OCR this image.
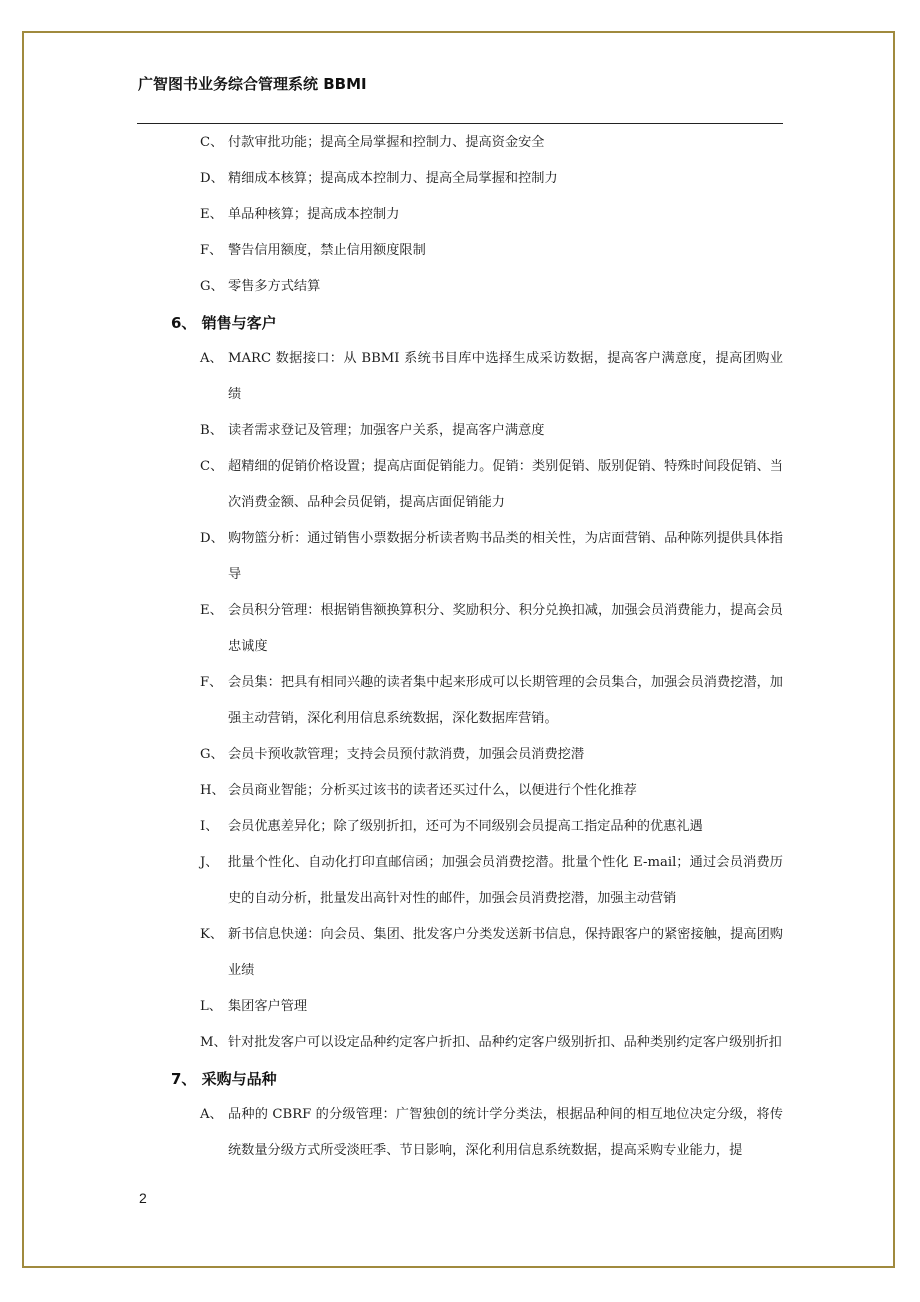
广智图书业务综合管理系统 BBMI
C、 付款审批功能；提高全局掌握和控制力、提高资金安全
D、 精细成本核算；提高成本控制力、提高全局掌握和控制力
E、 单品种核算；提高成本控制力
F、 警告信用额度，禁止信用额度限制
G、 零售多方式结算
6、 销售与客户
A、 MARC 数据接口：从 BBMI 系统书目库中选择生成采访数据，提高客户满意度，提高团购业绩
B、 读者需求登记及管理；加强客户关系，提高客户满意度
C、 超精细的促销价格设置；提高店面促销能力。促销：类别促销、版别促销、特殊时间段促销、当次消费金额、品种会员促销，提高店面促销能力
D、 购物篮分析：通过销售小票数据分析读者购书品类的相关性，为店面营销、品种陈列提供具体指导
E、 会员积分管理：根据销售额换算积分、奖励积分、积分兑换扣减，加强会员消费能力，提高会员忠诚度
F、 会员集：把具有相同兴趣的读者集中起来形成可以长期管理的会员集合，加强会员消费挖潜，加强主动营销，深化利用信息系统数据，深化数据库营销。
G、 会员卡预收款管理；支持会员预付款消费，加强会员消费挖潜
H、 会员商业智能；分析买过该书的读者还买过什么，以便进行个性化推荐
I、 会员优惠差异化；除了级别折扣，还可为不同级别会员提高工指定品种的优惠礼遇
J、 批量个性化、自动化打印直邮信函；加强会员消费挖潜。批量个性化 E-mail；通过会员消费历史的自动分析，批量发出高针对性的邮件，加强会员消费挖潜，加强主动营销
K、 新书信息快递：向会员、集团、批发客户分类发送新书信息，保持跟客户的紧密接触，提高团购业绩
L、 集团客户管理
M、 针对批发客户可以设定品种约定客户折扣、品种约定客户级别折扣、品种类别约定客户级别折扣
7、 采购与品种
A、 品种的 CBRF 的分级管理：广智独创的统计学分类法，根据品种间的相互地位决定分级，将传统数量分级方式所受淡旺季、节日影响，深化利用信息系统数据，提高采购专业能力，提
2
